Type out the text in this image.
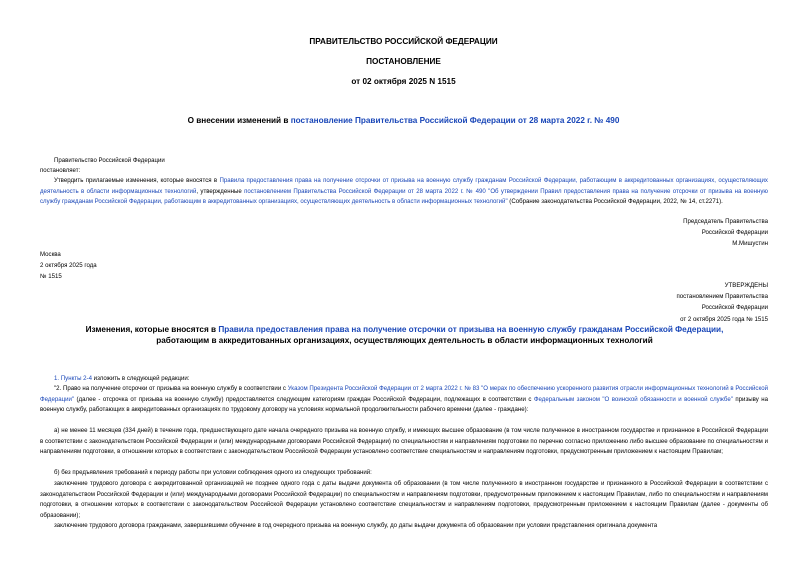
ПРАВИТЕЛЬСТВО РОССИЙСКОЙ ФЕДЕРАЦИИ
ПОСТАНОВЛЕНИЕ
от 02 октября 2025 N 1515
О внесении изменений в постановление Правительства Российской Федерации от 28 марта 2022 г. № 490
Правительство Российской Федерации
постановляет:
Утвердить прилагаемые изменения, которые вносятся в Правила предоставления права на получение отсрочки от призыва на военную службу гражданам Российской Федерации, работающим в аккредитованных организациях, осуществляющих деятельность в области информационных технологий, утвержденные постановлением Правительства Российской Федерации от 28 марта 2022 г. № 490 "Об утверждении Правил предоставления права на получение отсрочки от призыва на военную службу гражданам Российской Федерации, работающим в аккредитованных организациях, осуществляющих деятельность в области информационных технологий" (Собрание законодательства Российской Федерации, 2022, № 14, ст.2271).
Председатель Правительства
Российской Федерации
М.Мишустин
Москва
2 октября 2025 года
№ 1515
УТВЕРЖДЕНЫ
постановлением Правительства
Российской Федерации
от 2 октября 2025 года № 1515
Изменения, которые вносятся в Правила предоставления права на получение отсрочки от призыва на военную службу гражданам Российской Федерации,
работающим в аккредитованных организациях, осуществляющих деятельность в области информационных технологий
1. Пункты 2-4 изложить в следующей редакции:
"2. Право на получение отсрочки от призыва на военную службу в соответствии с Указом Президента Российской Федерации от 2 марта 2022 г. № 83 "О мерах по обеспечению ускоренного развития отрасли информационных технологий в Российской Федерации" (далее - отсрочка от призыва на военную службу) предоставляется следующим категориям граждан Российской Федерации, подлежащих в соответствии с Федеральным законом "О воинской обязанности и военной службе" призыву на военную службу, работающих в аккредитованных организациях по трудовому договору на условиях нормальной продолжительности рабочего времени (далее - граждане):
а) не менее 11 месяцев (334 дней) в течение года, предшествующего дате начала очередного призыва на военную службу, и имеющих высшее образование (в том числе полученное в иностранном государстве и признанное в Российской Федерации в соответствии с законодательством Российской Федерации и (или) международными договорами Российской Федерации) по специальностям и направлениям подготовки по перечню согласно приложению либо высшее образование по специальностям и направлениям подготовки, в отношении которых в соответствии с законодательством Российской Федерации установлено соответствие специальностям и направлениям подготовки, предусмотренным приложением к настоящим Правилам;
б) без предъявления требований к периоду работы при условии соблюдения одного из следующих требований:
заключение трудового договора с аккредитованной организацией не позднее одного года с даты выдачи документа об образовании (в том числе полученного в иностранном государстве и признанного в Российской Федерации в соответствии с законодательством Российской Федерации и (или) международными договорами Российской Федерации) по специальностям и направлениям подготовки, предусмотренным приложением к настоящим Правилам, либо по специальностям и направлениям подготовки, в отношении которых в соответствии с законодательством Российской Федерации установлено соответствие специальностям и направлениям подготовки, предусмотренным приложением к настоящим Правилам (далее - документы об образовании);
заключение трудового договора гражданами, завершившими обучение в год очередного призыва на военную службу, до даты выдачи документа об образовании при условии представления оригинала документа
